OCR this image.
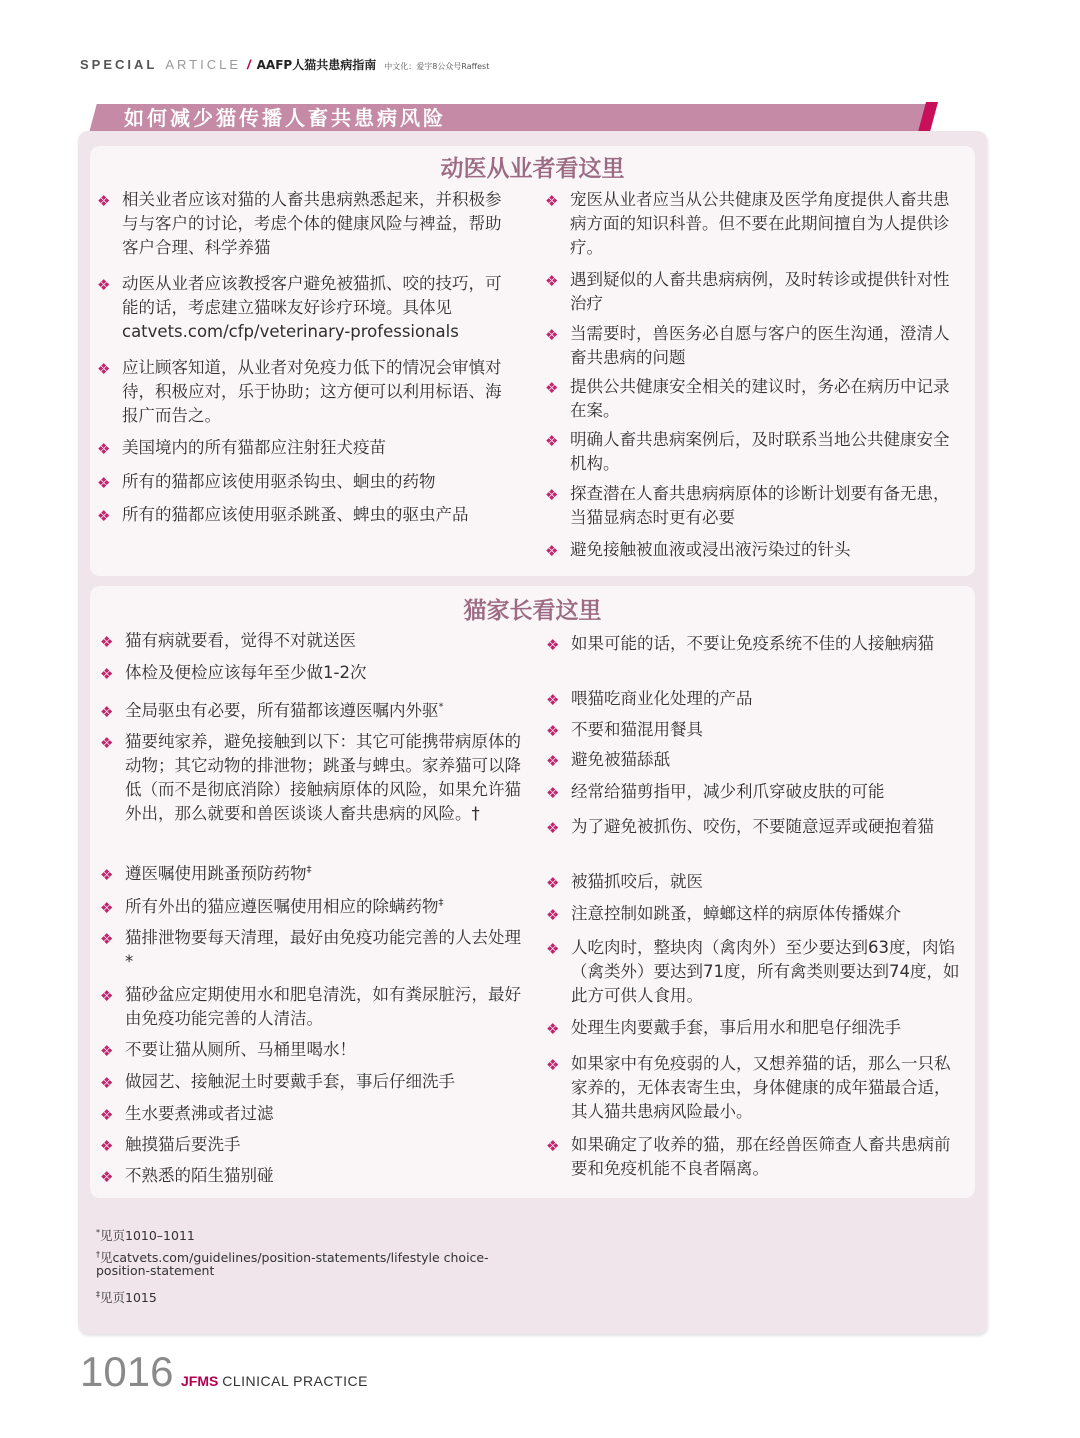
SPECIAL ARTICLE / AAFP人猫共患病指南 中文化：爱宇8公众号Raffest
如何减少猫传播人畜共患病风险
动医从业者看这里
❖ 相关业者应该对猫的人畜共患病熟悉起来，并积极参与与客户的讨论，考虑个体的健康风险与裨益，帮助客户合理、科学养猫
❖ 动医从业者应该教授客户避免被猫抓、咬的技巧，可能的话，考虑建立猫咪友好诊疗环境。具体见catvets.com/cfp/veterinary-professionals
❖ 应让顾客知道，从业者对免疫力低下的情况会审慎对待，积极应对，乐于协助；这方便可以利用标语、海报广而告之。
❖ 美国境内的所有猫都应注射狂犬疫苗
❖ 所有的猫都应该使用驱杀钩虫、蛔虫的药物
❖ 所有的猫都应该使用驱杀跳蚤、蜱虫的驱虫产品
❖ 宠医从业者应当从公共健康及医学角度提供人畜共患病方面的知识科普。但不要在此期间擅自为人提供诊疗。
❖ 遇到疑似的人畜共患病病例，及时转诊或提供针对性治疗
❖ 当需要时，兽医务必自愿与客户的医生沟通，澄清人畜共患病的问题
❖ 提供公共健康安全相关的建议时，务必在病历中记录在案。
❖ 明确人畜共患病案例后，及时联系当地公共健康安全机构。
❖ 探查潜在人畜共患病病原体的诊断计划要有备无患，当猫显病态时更有必要
❖ 避免接触被血液或浸出液污染过的针头
猫家长看这里
❖ 猫有病就要看，觉得不对就送医
❖ 体检及便检应该每年至少做1-2次
❖ 全局驱虫有必要，所有猫都该遵医嘱内外驱*
❖ 猫要纯家养，避免接触到以下：其它可能携带病原体的动物；其它动物的排泄物；跳蚤与蜱虫。家养猫可以降低（而不是彻底消除）接触病原体的风险，如果允许猫外出，那么就要和兽医谈谈人畜共患病的风险。†
❖ 遵医嘱使用跳蚤预防药物‡
❖ 所有外出的猫应遵医嘱使用相应的除螨药物‡
❖ 猫排泄物要每天清理，最好由免疫功能完善的人去处理*
❖ 猫砂盆应定期使用水和肥皂清洗，如有粪尿脏污，最好由免疫功能完善的人清洁。
❖ 不要让猫从厕所、马桶里喝水！
❖ 做园艺、接触泥土时要戴手套，事后仔细洗手
❖ 生水要煮沸或者过滤
❖ 触摸猫后要洗手
❖ 不熟悉的陌生猫别碰
❖ 如果可能的话，不要让免疫系统不佳的人接触病猫
❖ 喂猫吃商业化处理的产品
❖ 不要和猫混用餐具
❖ 避免被猫舔舐
❖ 经常给猫剪指甲，减少利爪穿破皮肤的可能
❖ 为了避免被抓伤、咬伤，不要随意逗弄或硬抱着猫
❖ 被猫抓咬后，就医
❖ 注意控制如跳蚤，蟑螂这样的病原体传播媒介
❖ 人吃肉时，整块肉（禽肉外）至少要达到63度，肉馅（禽类外）要达到71度，所有禽类则要达到74度，如此方可供人食用。
❖ 处理生肉要戴手套，事后用水和肥皂仔细洗手
❖ 如果家中有免疫弱的人，又想养猫的话，那么一只私家养的，无体表寄生虫，身体健康的成年猫最合适，其人猫共患病风险最小。
❖ 如果确定了收养的猫，那在经兽医筛查人畜共患病前要和免疫机能不良者隔离。

*见页1010–1011

†见catvets.com/guidelines/position-statements/lifestyle choice-position-statement

‡见页1015

1016 JFMS CLINICAL PRACTICE
